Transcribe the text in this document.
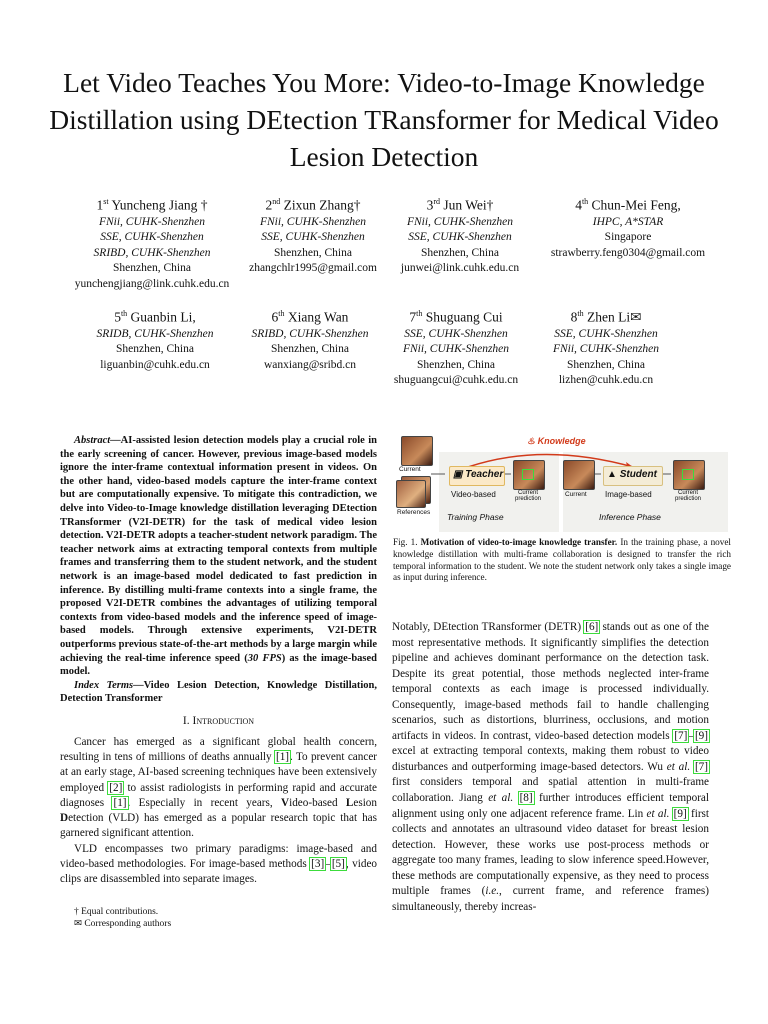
Let Video Teaches You More: Video-to-Image Knowledge Distillation using DEtection TRansformer for Medical Video Lesion Detection
1st Yuncheng Jiang †
FNii, CUHK-Shenzhen
SSE, CUHK-Shenzhen
SRIBD, CUHK-Shenzhen
Shenzhen, China
yunchengjiang@link.cuhk.edu.cn
2nd Zixun Zhang†
FNii, CUHK-Shenzhen
SSE, CUHK-Shenzhen
Shenzhen, China
zhangchlr1995@gmail.com
3rd Jun Wei†
FNii, CUHK-Shenzhen
SSE, CUHK-Shenzhen
Shenzhen, China
junwei@link.cuhk.edu.cn
4th Chun-Mei Feng,
IHPC, A*STAR
Singapore
strawberry.feng0304@gmail.com
5th Guanbin Li,
SRIDB, CUHK-Shenzhen
Shenzhen, China
liguanbin@cuhk.edu.cn
6th Xiang Wan
SRIBD, CUHK-Shenzhen
Shenzhen, China
wanxiang@sribd.cn
7th Shuguang Cui
SSE, CUHK-Shenzhen
FNii, CUHK-Shenzhen
Shenzhen, China
shuguangcui@cuhk.edu.cn
8th Zhen Li✉
SSE, CUHK-Shenzhen
FNii, CUHK-Shenzhen
Shenzhen, China
lizhen@cuhk.edu.cn
Abstract—AI-assisted lesion detection models play a crucial role in the early screening of cancer. However, previous image-based models ignore the inter-frame contextual information present in videos. On the other hand, video-based models capture the inter-frame context but are computationally expensive. To mitigate this contradiction, we delve into Video-to-Image knowledge distillation leveraging DEtection TRansformer (V2I-DETR) for the task of medical video lesion detection. V2I-DETR adopts a teacher-student network paradigm. The teacher network aims at extracting temporal contexts from multiple frames and transferring them to the student network, and the student network is an image-based model dedicated to fast prediction in inference. By distilling multi-frame contexts into a single frame, the proposed V2I-DETR combines the advantages of utilizing temporal contexts from video-based models and the inference speed of image-based models. Through extensive experiments, V2I-DETR outperforms previous state-of-the-art methods by a large margin while achieving the real-time inference speed (30 FPS) as the image-based model.
Index Terms—Video Lesion Detection, Knowledge Distillation, Detection Transformer
I. Introduction
Cancer has emerged as a significant global health concern, resulting in tens of millions of deaths annually [1]. To prevent cancer at an early stage, AI-based screening techniques have been extensively employed [2] to assist radiologists in performing rapid and accurate diagnoses [1]. Especially in recent years, Video-based Lesion Detection (VLD) has emerged as a popular research topic that has garnered significant attention.
VLD encompasses two primary paradigms: image-based and video-based methodologies. For image-based methods [3]–[5], video clips are disassembled into separate images.
† Equal contributions.
✉ Corresponding authors
Current
References
♨ Knowledge
▣ Teacher
Video-based	Current prediction
Training Phase
Current
▲ Student
Image-based	Current prediction
Inference Phase
Fig. 1. Motivation of video-to-image knowledge transfer. In the training phase, a novel knowledge distillation with multi-frame collaboration is designed to transfer the rich temporal information to the student. We note the student network only takes a single image as input during inference.
Notably, DEtection TRansformer (DETR) [6] stands out as one of the most representative methods. It significantly simplifies the detection pipeline and achieves dominant performance on the detection task. Despite its great potential, those methods neglected inter-frame temporal contexts as each image is processed individually. Consequently, image-based methods fail to handle challenging scenarios, such as distortions, blurriness, occlusions, and motion artifacts in videos. In contrast, video-based detection models [7]–[9] excel at extracting temporal contexts, making them robust to video disturbances and outperforming image-based detectors. Wu et al. [7] first considers temporal and spatial attention in multi-frame collaboration. Jiang et al. [8] further introduces efficient temporal alignment using only one adjacent reference frame. Lin et al. [9] first collects and annotates an ultrasound video dataset for breast lesion detection. However, these works use post-process methods or aggregate too many frames, leading to slow inference speed.However, these methods are computationally expensive, as they need to process multiple frames (i.e., current frame, and reference frames) simultaneously, thereby increas-
